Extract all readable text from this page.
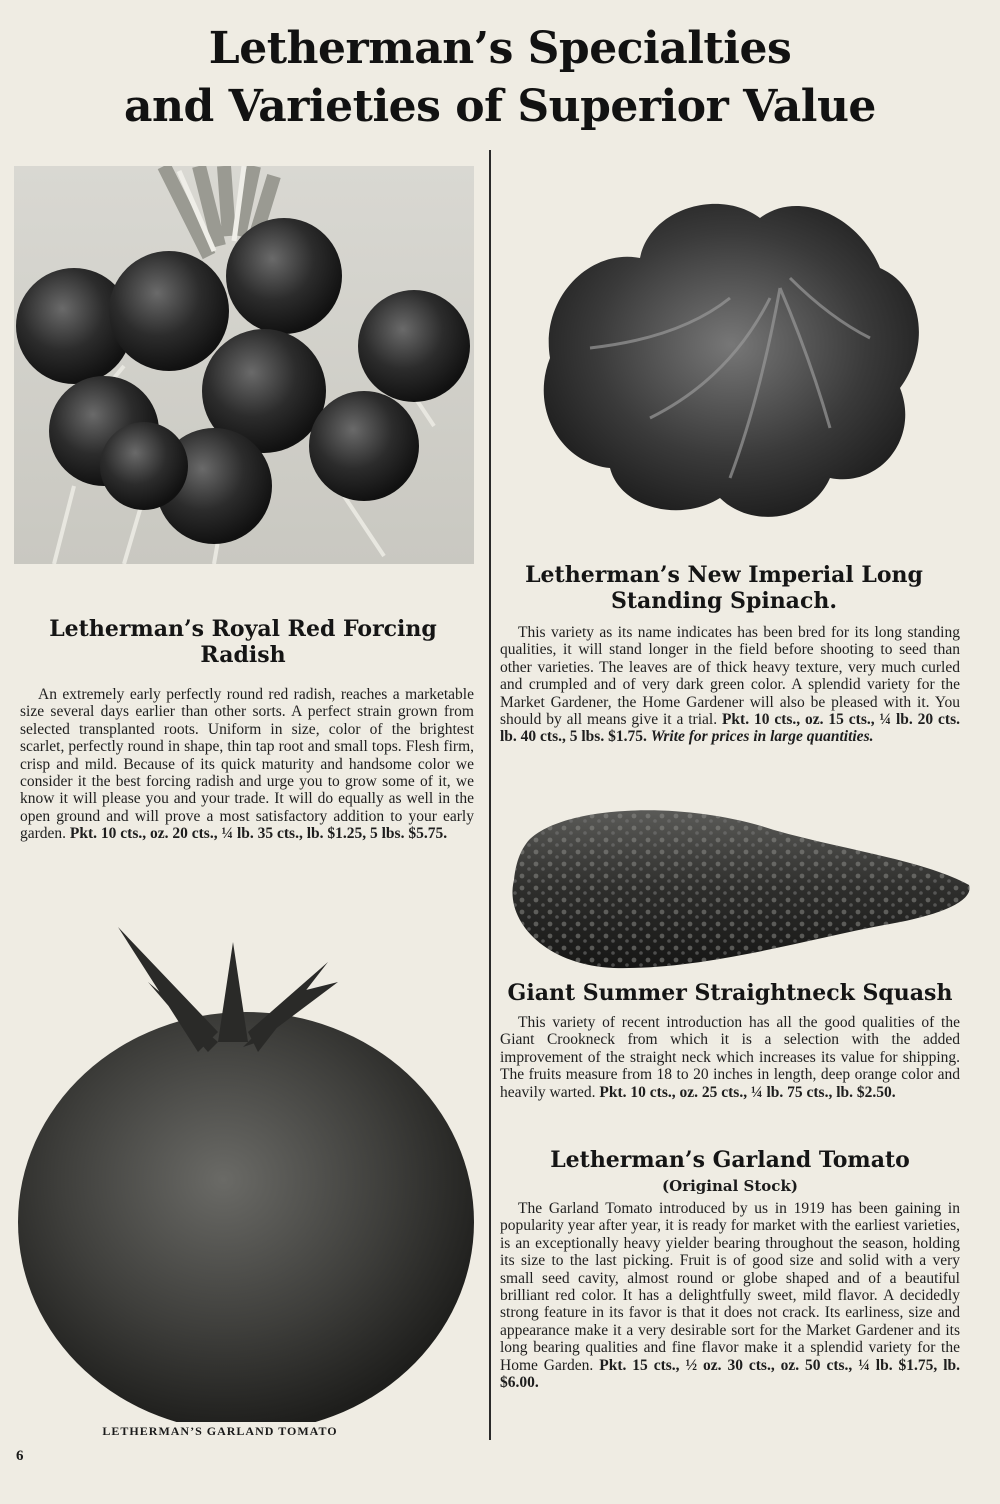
Letherman’s Specialties
and Varieties of Superior Value
Letherman’s Royal Red Forcing Radish
An extremely early perfectly round red radish, reaches a marketable size several days earlier than other sorts. A perfect strain grown from selected transplanted roots. Uniform in size, color of the brightest scarlet, perfectly round in shape, thin tap root and small tops. Flesh firm, crisp and mild. Because of its quick maturity and handsome color we consider it the best forcing radish and urge you to grow some of it, we know it will please you and your trade. It will do equally as well in the open ground and will prove a most satisfactory addition to your early garden. Pkt. 10 cts., oz. 20 cts., ¼ lb. 35 cts., lb. $1.25, 5 lbs. $5.75.
LETHERMAN’S GARLAND TOMATO
6
Letherman’s New Imperial Long Standing Spinach.
This variety as its name indicates has been bred for its long standing qualities, it will stand longer in the field before shooting to seed than other varieties. The leaves are of thick heavy texture, very much curled and crumpled and of very dark green color. A splendid variety for the Market Gardener, the Home Gardener will also be pleased with it. You should by all means give it a trial. Pkt. 10 cts., oz. 15 cts., ¼ lb. 20 cts. lb. 40 cts., 5 lbs. $1.75. Write for prices in large quantities.
Giant Summer Straightneck Squash
This variety of recent introduction has all the good qualities of the Giant Crookneck from which it is a selection with the added improvement of the straight neck which increases its value for shipping. The fruits measure from 18 to 20 inches in length, deep orange color and heavily warted. Pkt. 10 cts., oz. 25 cts., ¼ lb. 75 cts., lb. $2.50.
Letherman’s Garland Tomato
(Original Stock)
The Garland Tomato introduced by us in 1919 has been gaining in popularity year after year, it is ready for market with the earliest varieties, is an exceptionally heavy yielder bearing throughout the season, holding its size to the last picking. Fruit is of good size and solid with a very small seed cavity, almost round or globe shaped and of a beautiful brilliant red color. It has a delightfully sweet, mild flavor. A decidedly strong feature in its favor is that it does not crack. Its earliness, size and appearance make it a very desirable sort for the Market Gardener and its long bearing qualities and fine flavor make it a splendid variety for the Home Garden. Pkt. 15 cts., ½ oz. 30 cts., oz. 50 cts., ¼ lb. $1.75, lb. $6.00.
